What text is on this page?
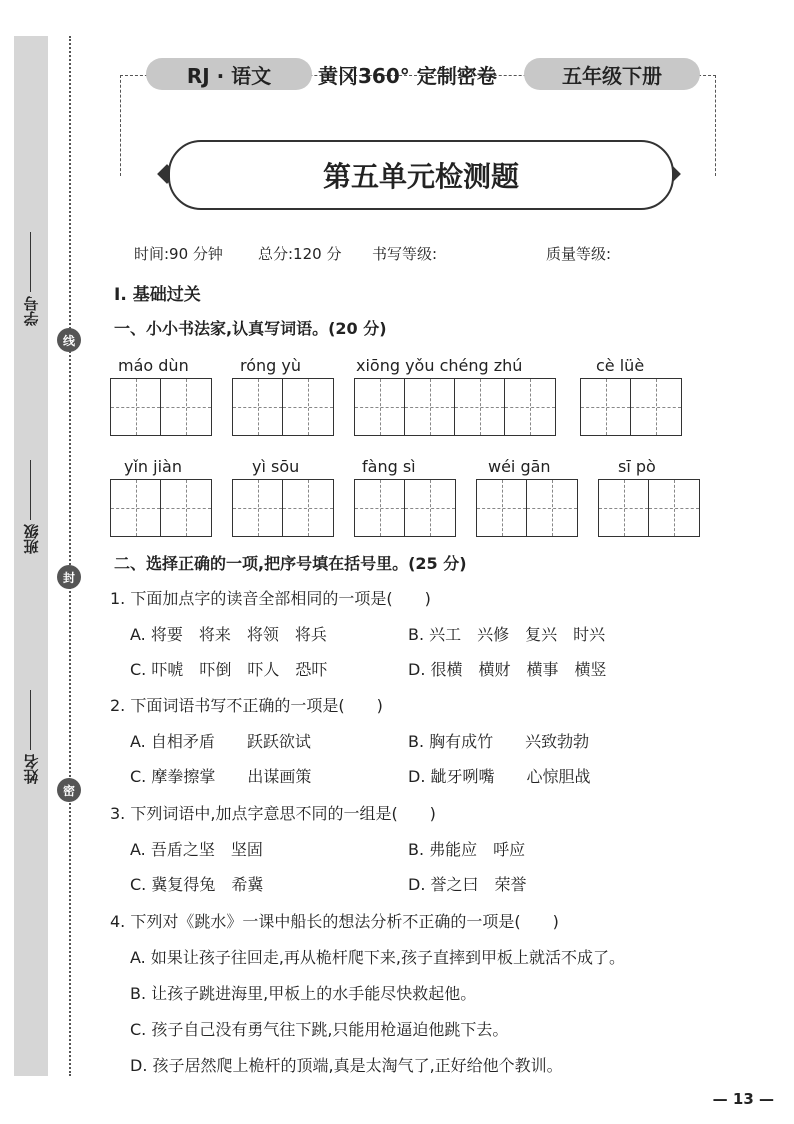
学号
班级
姓名
线
封
密
RJ · 语文	黄冈360° 定制密卷	五年级下册
第五单元检测题
时间:90 分钟 总分:120 分 书写等级:	质量等级:
Ⅰ. 基础过关
一、小小书法家,认真写词语。(20 分)
máo dùn	róng yù	xiōng yǒu chéng zhú	cè lüè
yǐn jiàn	yì sōu	fàng sì	wéi gān	sī pò
二、选择正确的一项,把序号填在括号里。(25 分)
1. 下面加点字的读音全部相同的一项是(　　)
A. 将要　将来　将领　将兵	B. 兴工　兴修　复兴　时兴
C. 吓唬　吓倒　吓人　恐吓	D. 很横　横财　横事　横竖
2. 下面词语书写不正确的一项是(　　)
A. 自相矛盾　　跃跃欲试	B. 胸有成竹　　兴致勃勃
C. 摩拳擦掌　　出谋画策	D. 龇牙咧嘴　　心惊胆战
3. 下列词语中,加点字意思不同的一组是(　　)
A. 吾盾之坚　坚固	B. 弗能应　呼应
C. 冀复得兔　希冀	D. 誉之曰　荣誉
4. 下列对《跳水》一课中船长的想法分析不正确的一项是(　　)
A. 如果让孩子往回走,再从桅杆爬下来,孩子直摔到甲板上就活不成了。
B. 让孩子跳进海里,甲板上的水手能尽快救起他。
C. 孩子自己没有勇气往下跳,只能用枪逼迫他跳下去。
D. 孩子居然爬上桅杆的顶端,真是太淘气了,正好给他个教训。
— 13 —
